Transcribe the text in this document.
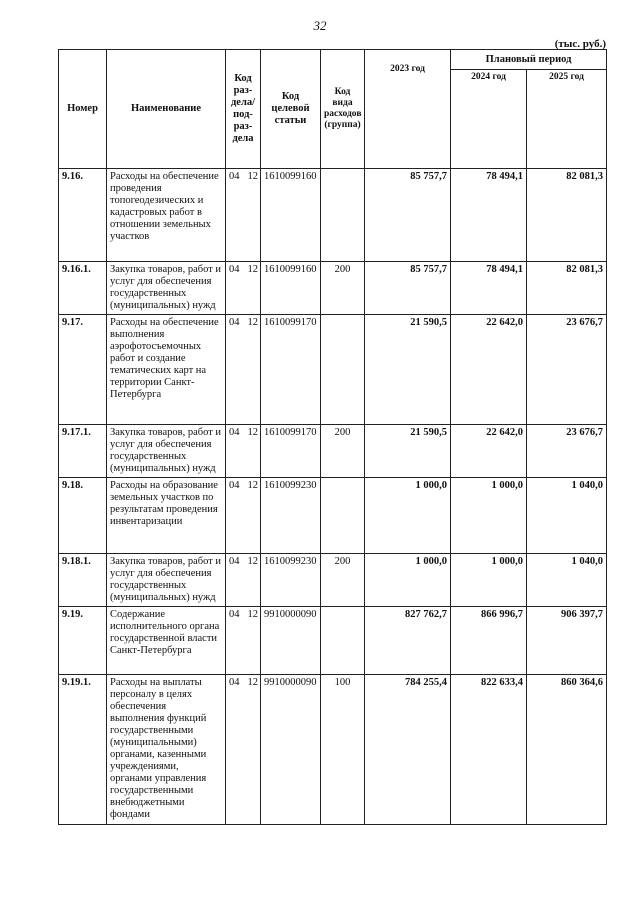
32
(тыс. руб.)
Номер	Наименование	Код раз- дела/ под- раз- дела		Код целевой статьи	Код вида расходов (группа)	2023 год	Плановый период	
							2024 год	2025 год
9.16.	Расходы на обеспечение проведения топогеодезических и кадастровых работ в отношении земельных участков	04	12	1610099160		85 757,7	78 494,1	82 081,3
9.16.1.	Закупка товаров, работ и услуг для обеспечения государственных (муниципальных) нужд	04	12	1610099160	200	85 757,7	78 494,1	82 081,3
9.17.	Расходы на обеспечение выполнения аэрофотосъемочных работ и создание тематических карт на территории Санкт-Петербурга	04	12	1610099170		21 590,5	22 642,0	23 676,7
9.17.1.	Закупка товаров, работ и услуг для обеспечения государственных (муниципальных) нужд	04	12	1610099170	200	21 590,5	22 642,0	23 676,7
9.18.	Расходы на образование земельных участков по результатам проведения инвентаризации	04	12	1610099230		1 000,0	1 000,0	1 040,0
9.18.1.	Закупка товаров, работ и услуг для обеспечения государственных (муниципальных) нужд	04	12	1610099230	200	1 000,0	1 000,0	1 040,0
9.19.	Содержание исполнительного органа государственной власти Санкт-Петербурга	04	12	9910000090		827 762,7	866 996,7	906 397,7
9.19.1.	Расходы на выплаты персоналу в целях обеспечения выполнения функций государственными (муниципальными) органами, казенными учреждениями, органами управления государственными внебюджетными фондами	04	12	9910000090	100	784 255,4	822 633,4	860 364,6
